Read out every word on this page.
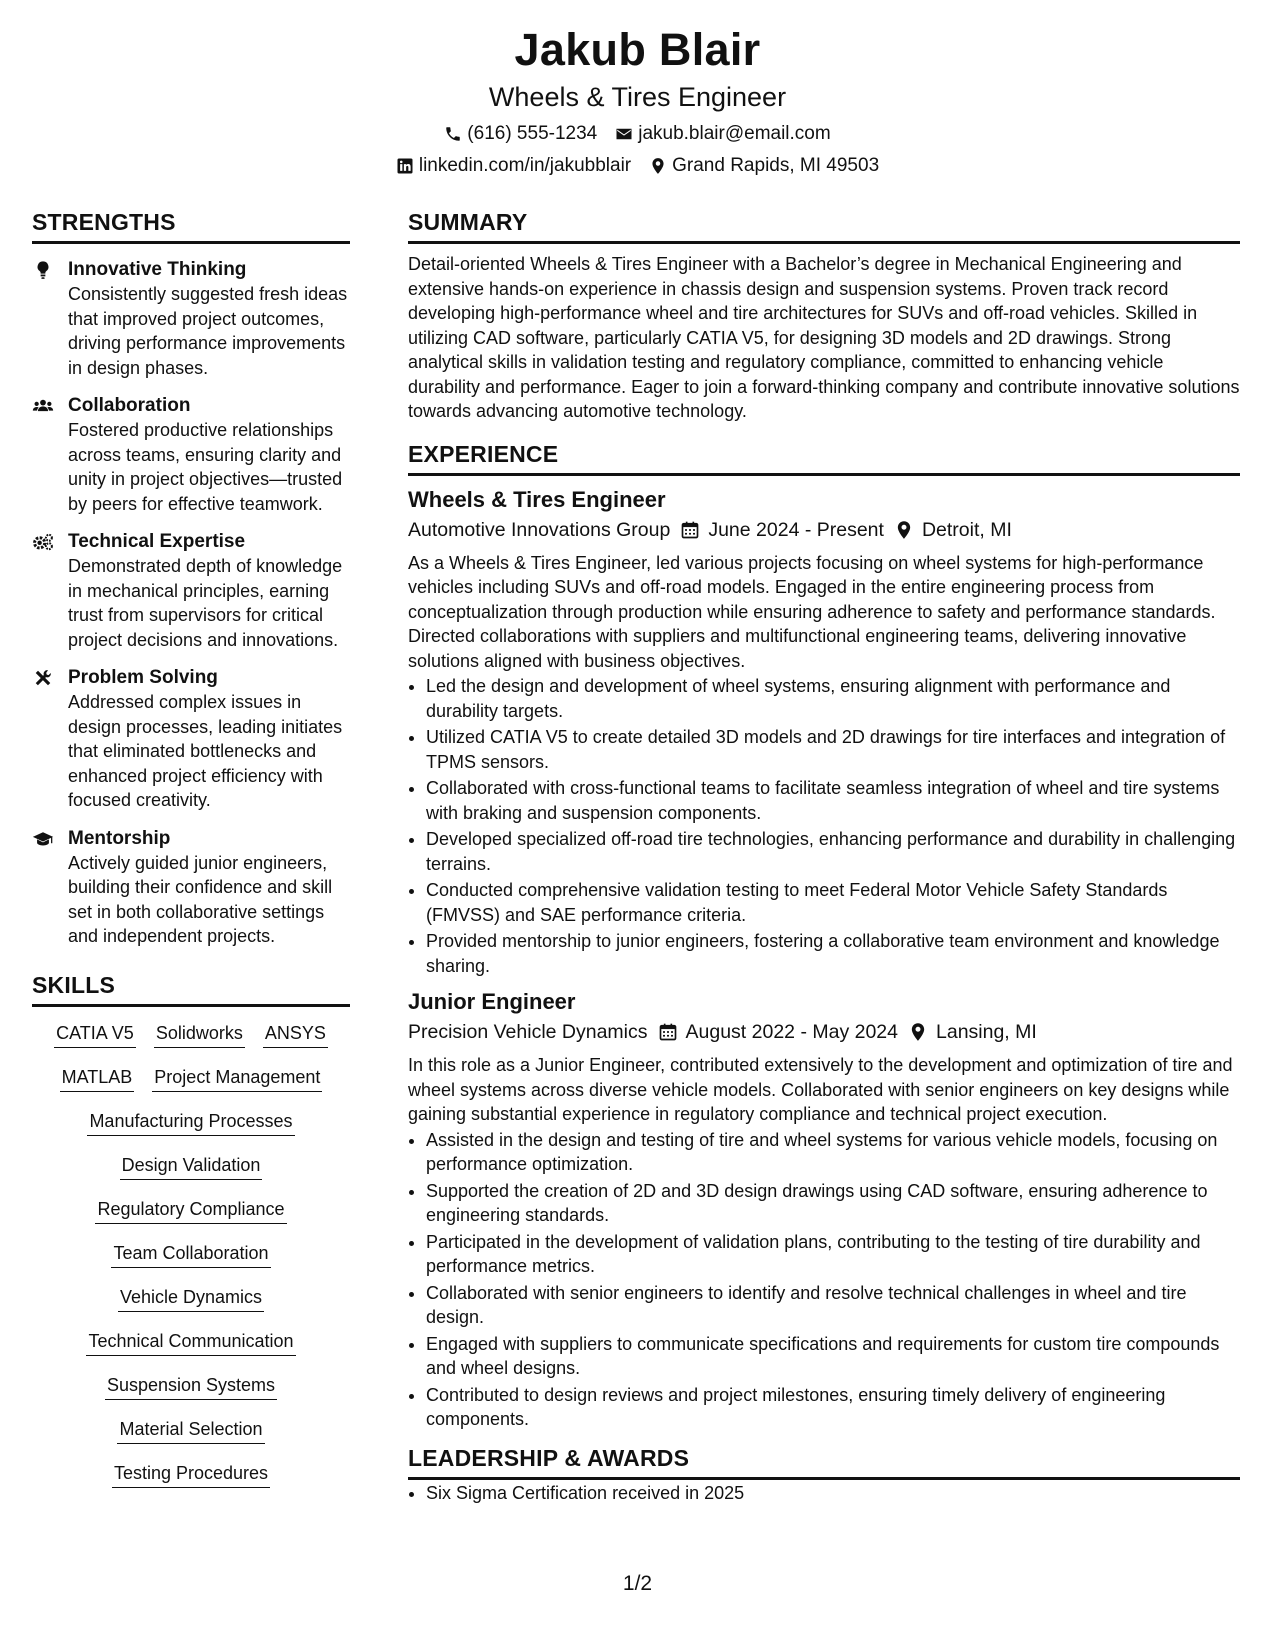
Jakub Blair
Wheels & Tires Engineer
(616) 555-1234 jakub.blair@email.com
linkedin.com/in/jakubblair Grand Rapids, MI 49503
STRENGTHS
Innovative Thinking
Consistently suggested fresh ideas that improved project outcomes, driving performance improvements in design phases.
Collaboration
Fostered productive relationships across teams, ensuring clarity and unity in project objectives—trusted by peers for effective teamwork.
Technical Expertise
Demonstrated depth of knowledge in mechanical principles, earning trust from supervisors for critical project decisions and innovations.
Problem Solving
Addressed complex issues in design processes, leading initiates that eliminated bottlenecks and enhanced project efficiency with focused creativity.
Mentorship
Actively guided junior engineers, building their confidence and skill set in both collaborative settings and independent projects.
SKILLS
CATIA V5 Solidworks ANSYS
MATLAB Project Management
Manufacturing Processes
Design Validation
Regulatory Compliance
Team Collaboration
Vehicle Dynamics
Technical Communication
Suspension Systems
Material Selection
Testing Procedures
SUMMARY
Detail-oriented Wheels & Tires Engineer with a Bachelor’s degree in Mechanical Engineering and extensive hands-on experience in chassis design and suspension systems. Proven track record developing high-performance wheel and tire architectures for SUVs and off-road vehicles. Skilled in utilizing CAD software, particularly CATIA V5, for designing 3D models and 2D drawings. Strong analytical skills in validation testing and regulatory compliance, committed to enhancing vehicle durability and performance. Eager to join a forward-thinking company and contribute innovative solutions towards advancing automotive technology.
EXPERIENCE
Wheels & Tires Engineer
Automotive Innovations Group June 2024 - Present Detroit, MI
As a Wheels & Tires Engineer, led various projects focusing on wheel systems for high-performance vehicles including SUVs and off-road models. Engaged in the entire engineering process from conceptualization through production while ensuring adherence to safety and performance standards. Directed collaborations with suppliers and multifunctional engineering teams, delivering innovative solutions aligned with business objectives.
• Led the design and development of wheel systems, ensuring alignment with performance and durability targets.
• Utilized CATIA V5 to create detailed 3D models and 2D drawings for tire interfaces and integration of TPMS sensors.
• Collaborated with cross-functional teams to facilitate seamless integration of wheel and tire systems with braking and suspension components.
• Developed specialized off-road tire technologies, enhancing performance and durability in challenging terrains.
• Conducted comprehensive validation testing to meet Federal Motor Vehicle Safety Standards (FMVSS) and SAE performance criteria.
• Provided mentorship to junior engineers, fostering a collaborative team environment and knowledge sharing.
Junior Engineer
Precision Vehicle Dynamics August 2022 - May 2024 Lansing, MI
In this role as a Junior Engineer, contributed extensively to the development and optimization of tire and wheel systems across diverse vehicle models. Collaborated with senior engineers on key designs while gaining substantial experience in regulatory compliance and technical project execution.
• Assisted in the design and testing of tire and wheel systems for various vehicle models, focusing on performance optimization.
• Supported the creation of 2D and 3D design drawings using CAD software, ensuring adherence to engineering standards.
• Participated in the development of validation plans, contributing to the testing of tire durability and performance metrics.
• Collaborated with senior engineers to identify and resolve technical challenges in wheel and tire design.
• Engaged with suppliers to communicate specifications and requirements for custom tire compounds and wheel designs.
• Contributed to design reviews and project milestones, ensuring timely delivery of engineering components.
LEADERSHIP & AWARDS
• Six Sigma Certification received in 2025
1/2
